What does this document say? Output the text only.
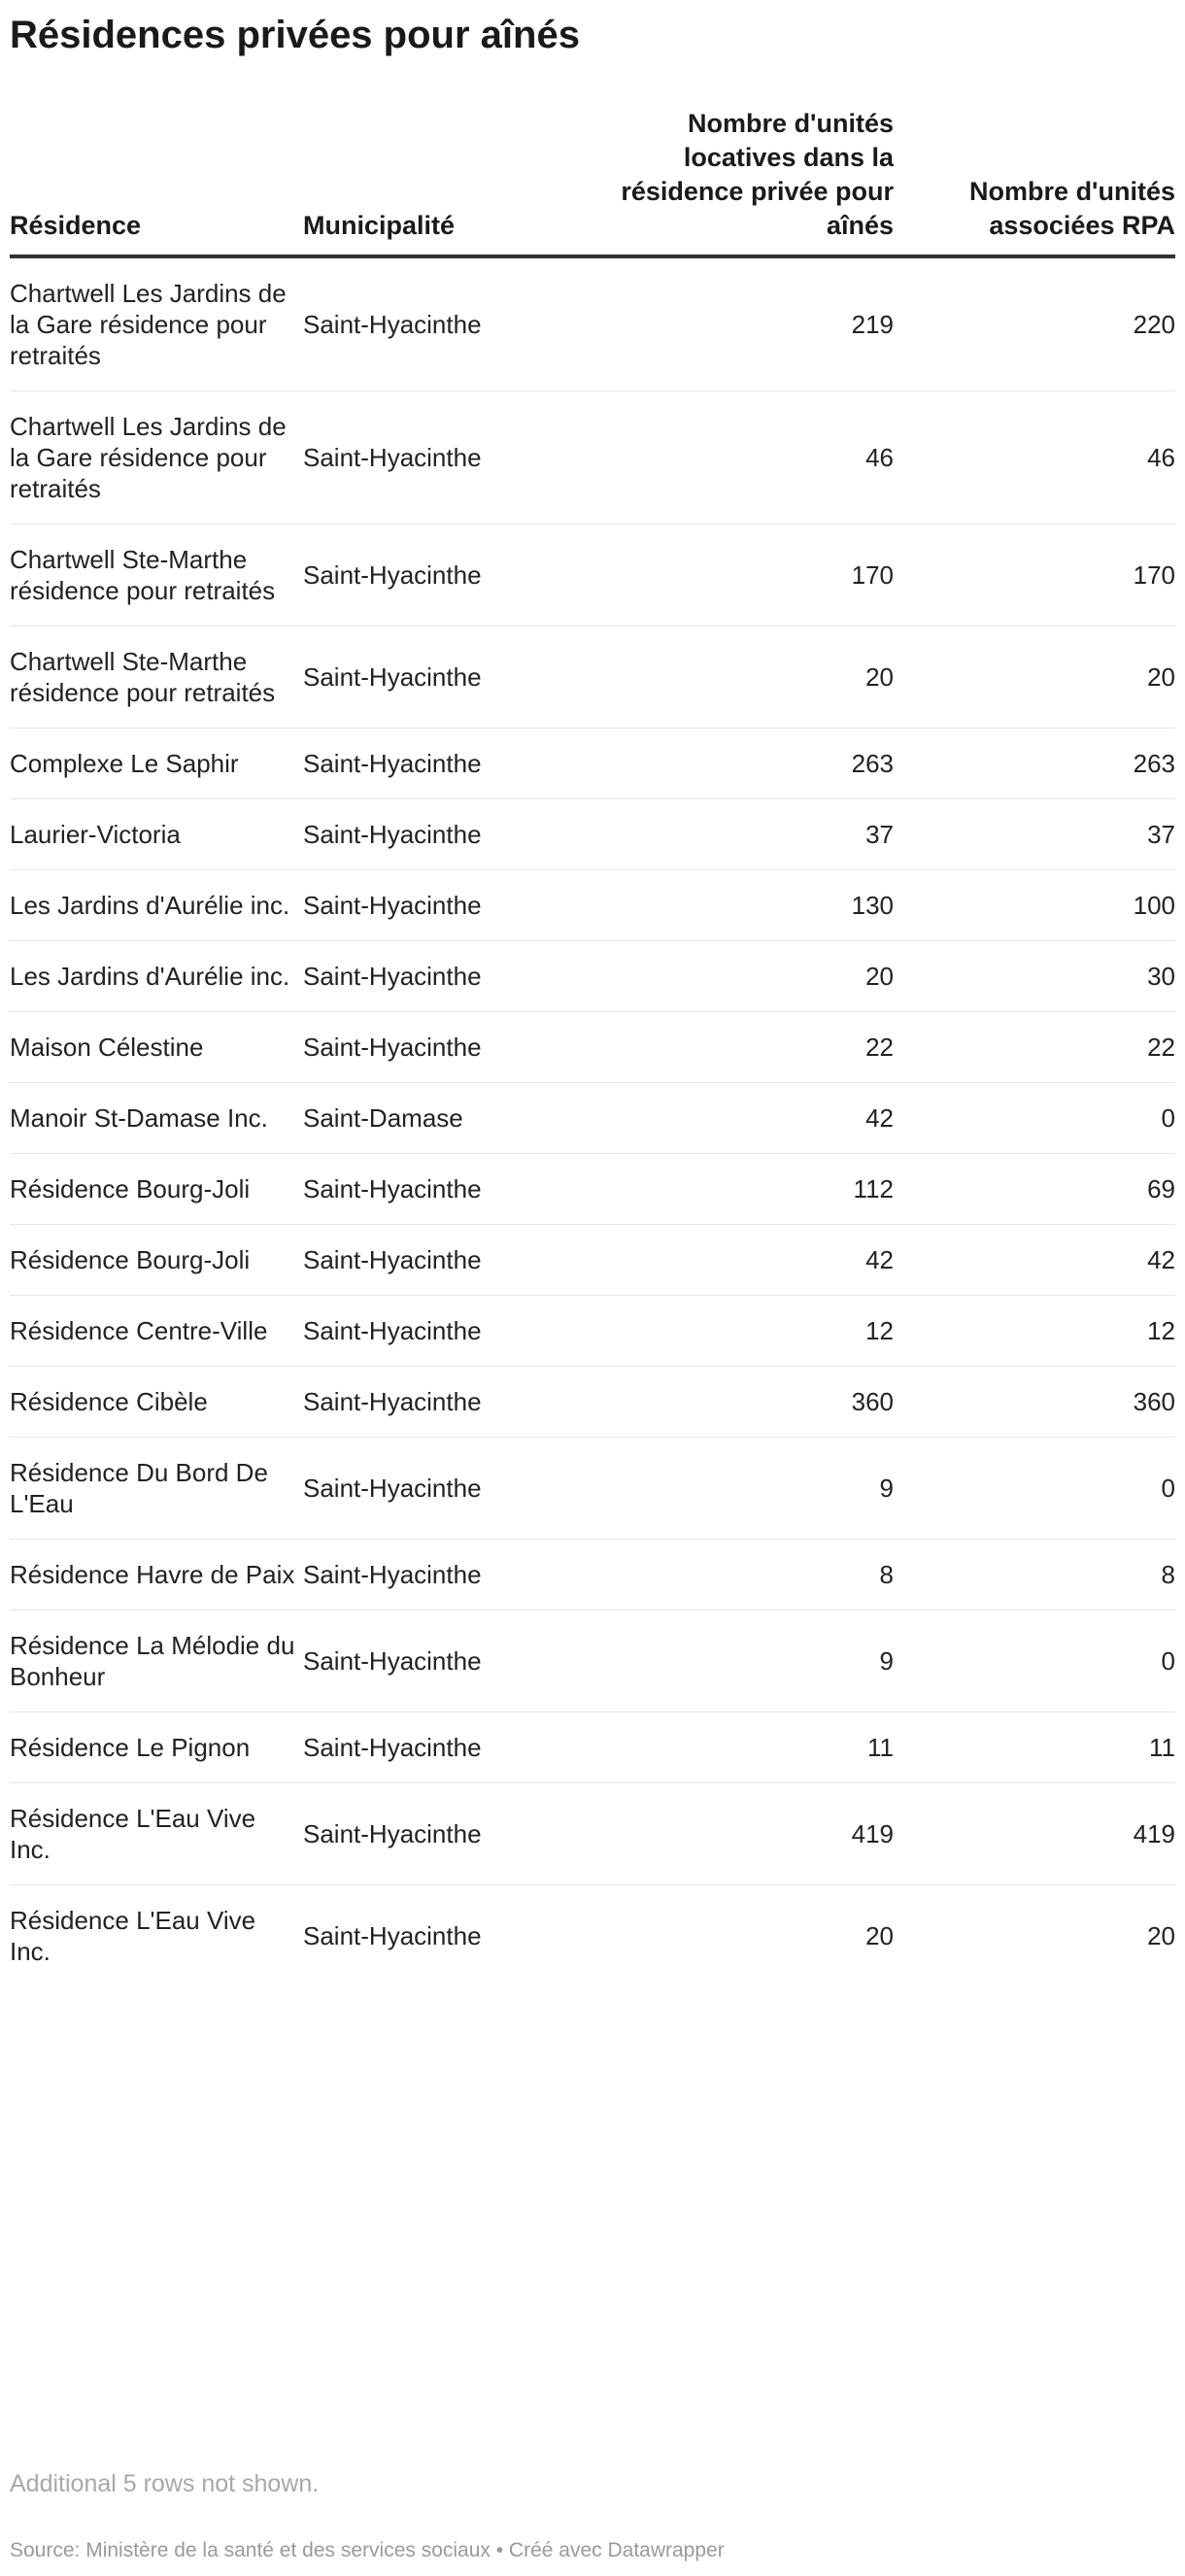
Résidences privées pour aînés
Résidence	Municipalité	Nombre d'unités locatives dans la résidence privée pour aînés	Nombre d'unités associées RPA
Chartwell Les Jardins de la Gare résidence pour retraités	Saint-Hyacinthe	219	220
Chartwell Les Jardins de la Gare résidence pour retraités	Saint-Hyacinthe	46	46
Chartwell Ste-Marthe résidence pour retraités	Saint-Hyacinthe	170	170
Chartwell Ste-Marthe résidence pour retraités	Saint-Hyacinthe	20	20
Complexe Le Saphir	Saint-Hyacinthe	263	263
Laurier-Victoria	Saint-Hyacinthe	37	37
Les Jardins d'Aurélie inc.	Saint-Hyacinthe	130	100
Les Jardins d'Aurélie inc.	Saint-Hyacinthe	20	30
Maison Célestine	Saint-Hyacinthe	22	22
Manoir St-Damase Inc.	Saint-Damase	42	0
Résidence Bourg-Joli	Saint-Hyacinthe	112	69
Résidence Bourg-Joli	Saint-Hyacinthe	42	42
Résidence Centre-Ville	Saint-Hyacinthe	12	12
Résidence Cibèle	Saint-Hyacinthe	360	360
Résidence Du Bord De L'Eau	Saint-Hyacinthe	9	0
Résidence Havre de Paix	Saint-Hyacinthe	8	8
Résidence La Mélodie du Bonheur	Saint-Hyacinthe	9	0
Résidence Le Pignon	Saint-Hyacinthe	11	11
Résidence L'Eau Vive Inc.	Saint-Hyacinthe	419	419
Résidence L'Eau Vive Inc.	Saint-Hyacinthe	20	20
Additional 5 rows not shown.
Source: Ministère de la santé et des services sociaux • Créé avec Datawrapper
